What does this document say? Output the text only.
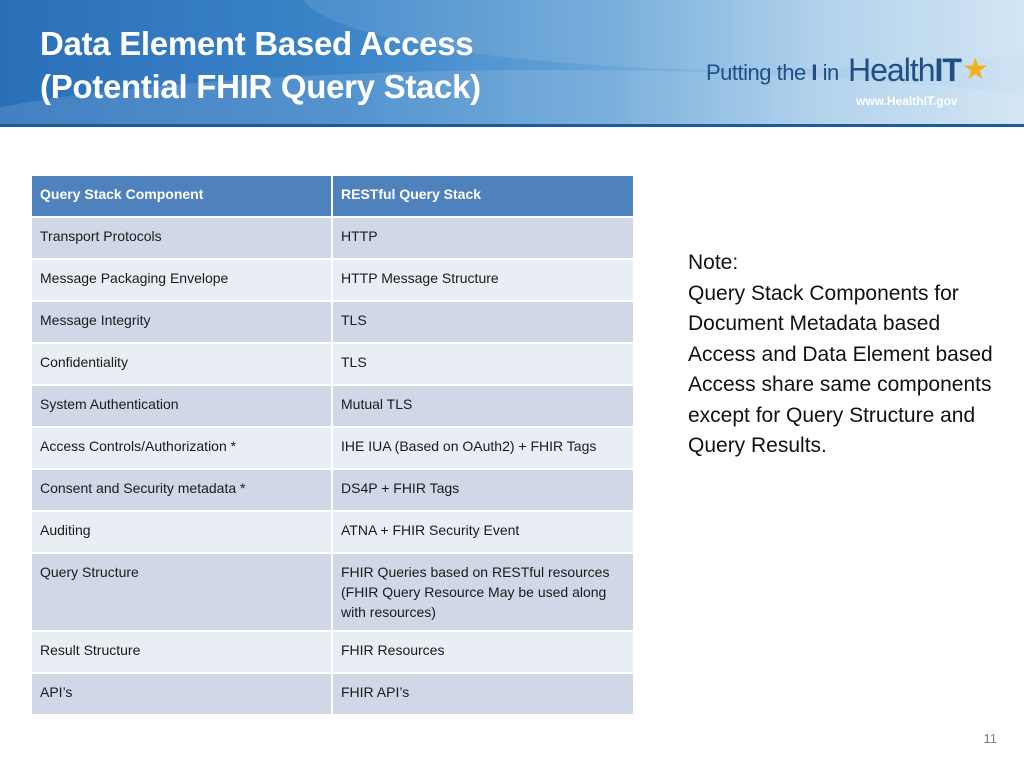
Data Element Based Access
(Potential FHIR Query Stack)	Putting the I in HealthIT ★
www.HealthIT.gov
Query Stack Component	RESTful Query Stack
Transport Protocols	HTTP
Message Packaging Envelope	HTTP Message Structure
Message Integrity	TLS
Confidentiality	TLS
System Authentication	Mutual TLS
Access Controls/Authorization *	IHE IUA (Based on OAuth2) + FHIR Tags
Consent and Security metadata *	DS4P + FHIR Tags
Auditing	ATNA + FHIR Security Event
Query Structure	FHIR Queries based on RESTful resources (FHIR Query Resource May be used along with resources)
Result Structure	FHIR Resources
API’s	FHIR API’s
Note:
Query Stack Components for Document Metadata based Access and Data Element based Access share same components except for Query Structure and Query Results.
11
